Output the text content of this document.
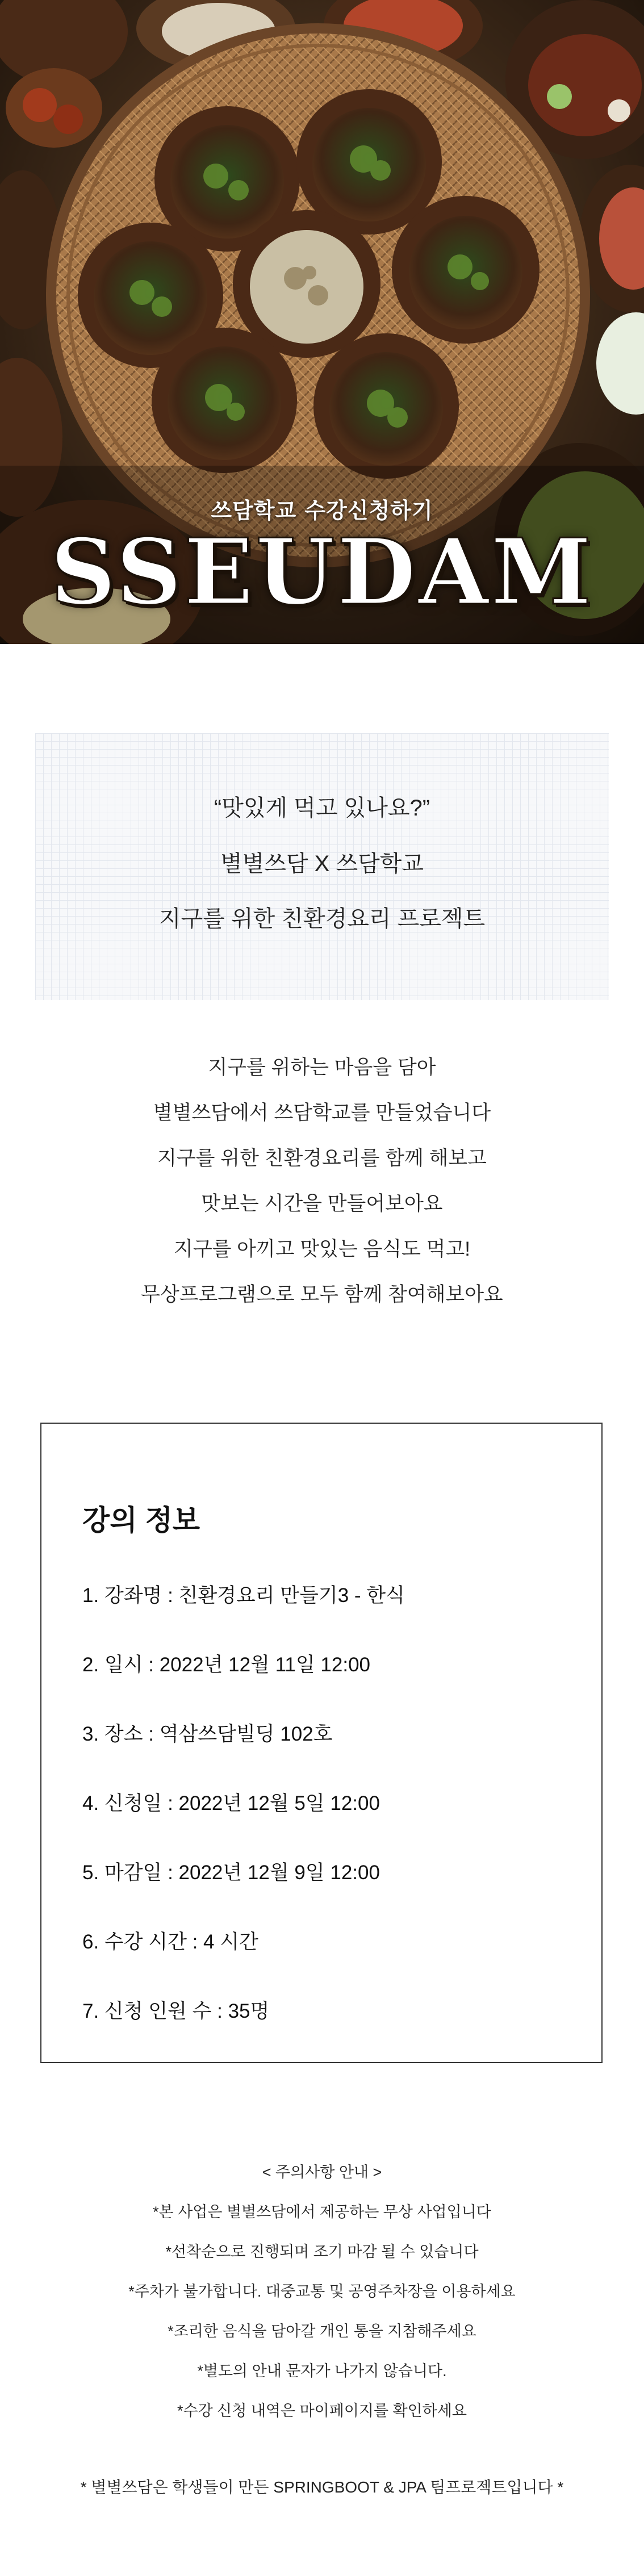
쓰담학교 수강신청하기
SSEUDAM
“맛있게 먹고 있나요?”
별별쓰담 X 쓰담학교
지구를 위한 친환경요리 프로젝트
지구를 위하는 마음을 담아
별별쓰담에서 쓰담학교를 만들었습니다
지구를 위한 친환경요리를 함께 해보고
맛보는 시간을 만들어보아요
지구를 아끼고 맛있는 음식도 먹고!
무상프로그램으로 모두 함께 참여해보아요
강의 정보
1. 강좌명 : 친환경요리 만들기3 - 한식
2. 일시 : 2022년 12월 11일 12:00
3. 장소 : 역삼쓰담빌딩 102호
4. 신청일 : 2022년 12월 5일 12:00
5. 마감일 : 2022년 12월 9일 12:00
6. 수강 시간 : 4 시간
7. 신청 인원 수 : 35명
< 주의사항 안내 >
*본 사업은 별별쓰담에서 제공하는 무상 사업입니다
*선착순으로 진행되며 조기 마감 될 수 있습니다
*주차가 불가합니다. 대중교통 및 공영주차장을 이용하세요
*조리한 음식을 담아갈 개인 통을 지참해주세요
*별도의 안내 문자가 나가지 않습니다.
*수강 신청 내역은 마이페이지를 확인하세요
* 별별쓰담은 학생들이 만든 SPRINGBOOT & JPA 팀프로젝트입니다 *
